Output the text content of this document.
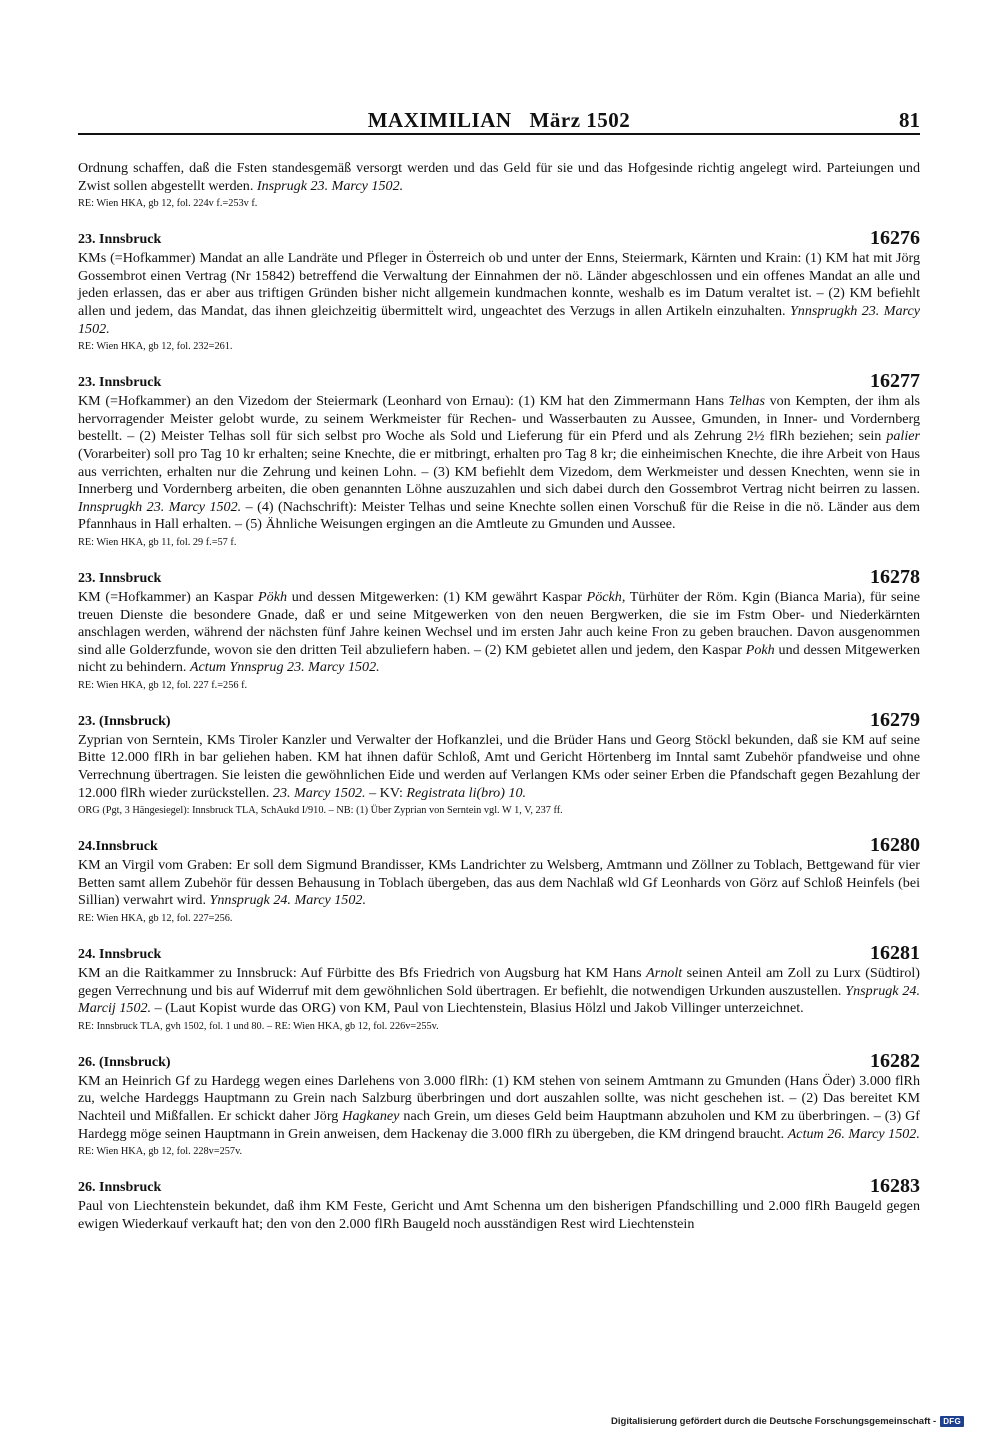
MAXIMILIAN März 1502	81

Ordnung schaffen, daß die Fsten standesgemäß versorgt werden und das Geld für sie und das Hofgesinde richtig angelegt wird. Parteiungen und Zwist sollen abgestellt werden. Insprugk 23. Marcy 1502.

RE: Wien HKA, gb 12, fol. 224v f.=253v f.

23. Innsbruck	16276

KMs (=Hofkammer) Mandat an alle Landräte und Pfleger in Österreich ob und unter der Enns, Steiermark, Kärnten und Krain: (1) KM hat mit Jörg Gossembrot einen Vertrag (Nr 15842) betreffend die Verwaltung der Einnahmen der nö. Länder abgeschlossen und ein offenes Mandat an alle und jeden erlassen, das er aber aus triftigen Gründen bisher nicht allgemein kundmachen konnte, weshalb es im Datum veraltet ist. – (2) KM befiehlt allen und jedem, das Mandat, das ihnen gleichzeitig übermittelt wird, ungeachtet des Verzugs in allen Artikeln einzuhalten. Ynnsprugkh 23. Marcy 1502.

RE: Wien HKA, gb 12, fol. 232=261.

23. Innsbruck	16277

KM (=Hofkammer) an den Vizedom der Steiermark (Leonhard von Ernau): (1) KM hat den Zimmermann Hans Telhas von Kempten, der ihm als hervorragender Meister gelobt wurde, zu seinem Werkmeister für Rechen- und Wasserbauten zu Aussee, Gmunden, in Inner- und Vordernberg bestellt. – (2) Meister Telhas soll für sich selbst pro Woche als Sold und Lieferung für ein Pferd und als Zehrung 2½ flRh beziehen; sein palier (Vorarbeiter) soll pro Tag 10 kr erhalten; seine Knechte, die er mitbringt, erhalten pro Tag 8 kr; die einheimischen Knechte, die ihre Arbeit von Haus aus verrichten, erhalten nur die Zehrung und keinen Lohn. – (3) KM befiehlt dem Vizedom, dem Werkmeister und dessen Knechten, wenn sie in Innerberg und Vordernberg arbeiten, die oben genannten Löhne auszuzahlen und sich dabei durch den Gossembrot Vertrag nicht beirren zu lassen. Innsprugkh 23. Marcy 1502. – (4) (Nachschrift): Meister Telhas und seine Knechte sollen einen Vorschuß für die Reise in die nö. Länder aus dem Pfannhaus in Hall erhalten. – (5) Ähnliche Weisungen ergingen an die Amtleute zu Gmunden und Aussee.

RE: Wien HKA, gb 11, fol. 29 f.=57 f.

23. Innsbruck	16278

KM (=Hofkammer) an Kaspar Pökh und dessen Mitgewerken: (1) KM gewährt Kaspar Pöckh, Türhüter der Röm. Kgin (Bianca Maria), für seine treuen Dienste die besondere Gnade, daß er und seine Mitgewerken von den neuen Bergwerken, die sie im Fstm Ober- und Niederkärnten anschlagen werden, während der nächsten fünf Jahre keinen Wechsel und im ersten Jahr auch keine Fron zu geben brauchen. Davon ausgenommen sind alle Golderzfunde, wovon sie den dritten Teil abzuliefern haben. – (2) KM gebietet allen und jedem, den Kaspar Pokh und dessen Mitgewerken nicht zu behindern. Actum Ynnsprug 23. Marcy 1502.

RE: Wien HKA, gb 12, fol. 227 f.=256 f.

23. (Innsbruck)	16279

Zyprian von Serntein, KMs Tiroler Kanzler und Verwalter der Hofkanzlei, und die Brüder Hans und Georg Stöckl bekunden, daß sie KM auf seine Bitte 12.000 flRh in bar geliehen haben. KM hat ihnen dafür Schloß, Amt und Gericht Hörtenberg im Inntal samt Zubehör pfandweise und ohne Verrechnung übertragen. Sie leisten die gewöhnlichen Eide und werden auf Verlangen KMs oder seiner Erben die Pfandschaft gegen Bezahlung der 12.000 flRh wieder zurückstellen. 23. Marcy 1502. – KV: Registrata li(bro) 10.

ORG (Pgt, 3 Hängesiegel): Innsbruck TLA, SchAukd I/910. – NB: (1) Über Zyprian von Serntein vgl. W 1, V, 237 ff.

24.Innsbruck	16280

KM an Virgil vom Graben: Er soll dem Sigmund Brandisser, KMs Landrichter zu Welsberg, Amtmann und Zöllner zu Toblach, Bettgewand für vier Betten samt allem Zubehör für dessen Behausung in Toblach übergeben, das aus dem Nachlaß wld Gf Leonhards von Görz auf Schloß Heinfels (bei Sillian) verwahrt wird. Ynnsprugk 24. Marcy 1502.

RE: Wien HKA, gb 12, fol. 227=256.

24. Innsbruck	16281

KM an die Raitkammer zu Innsbruck: Auf Fürbitte des Bfs Friedrich von Augsburg hat KM Hans Arnolt seinen Anteil am Zoll zu Lurx (Südtirol) gegen Verrechnung und bis auf Widerruf mit dem gewöhnlichen Sold übertragen. Er befiehlt, die notwendigen Urkunden auszustellen. Ynsprugk 24. Marcij 1502. – (Laut Kopist wurde das ORG) von KM, Paul von Liechtenstein, Blasius Hölzl und Jakob Villinger unterzeichnet.

RE: Innsbruck TLA, gvh 1502, fol. 1 und 80. – RE: Wien HKA, gb 12, fol. 226v=255v.

26. (Innsbruck)	16282

KM an Heinrich Gf zu Hardegg wegen eines Darlehens von 3.000 flRh: (1) KM stehen von seinem Amtmann zu Gmunden (Hans Öder) 3.000 flRh zu, welche Hardeggs Hauptmann zu Grein nach Salzburg überbringen und dort auszahlen sollte, was nicht geschehen ist. – (2) Das bereitet KM Nachteil und Mißfallen. Er schickt daher Jörg Hagkaney nach Grein, um dieses Geld beim Hauptmann abzuholen und KM zu überbringen. – (3) Gf Hardegg möge seinen Hauptmann in Grein anweisen, dem Hackenay die 3.000 flRh zu übergeben, die KM dringend braucht. Actum 26. Marcy 1502.

RE: Wien HKA, gb 12, fol. 228v=257v.

26. Innsbruck	16283

Paul von Liechtenstein bekundet, daß ihm KM Feste, Gericht und Amt Schenna um den bisherigen Pfandschilling und 2.000 flRh Baugeld gegen ewigen Wiederkauf verkauft hat; den von den 2.000 flRh Baugeld noch ausständigen Rest wird Liechtenstein

Digitalisierung gefördert durch die Deutsche Forschungsgemeinschaft - DFG
